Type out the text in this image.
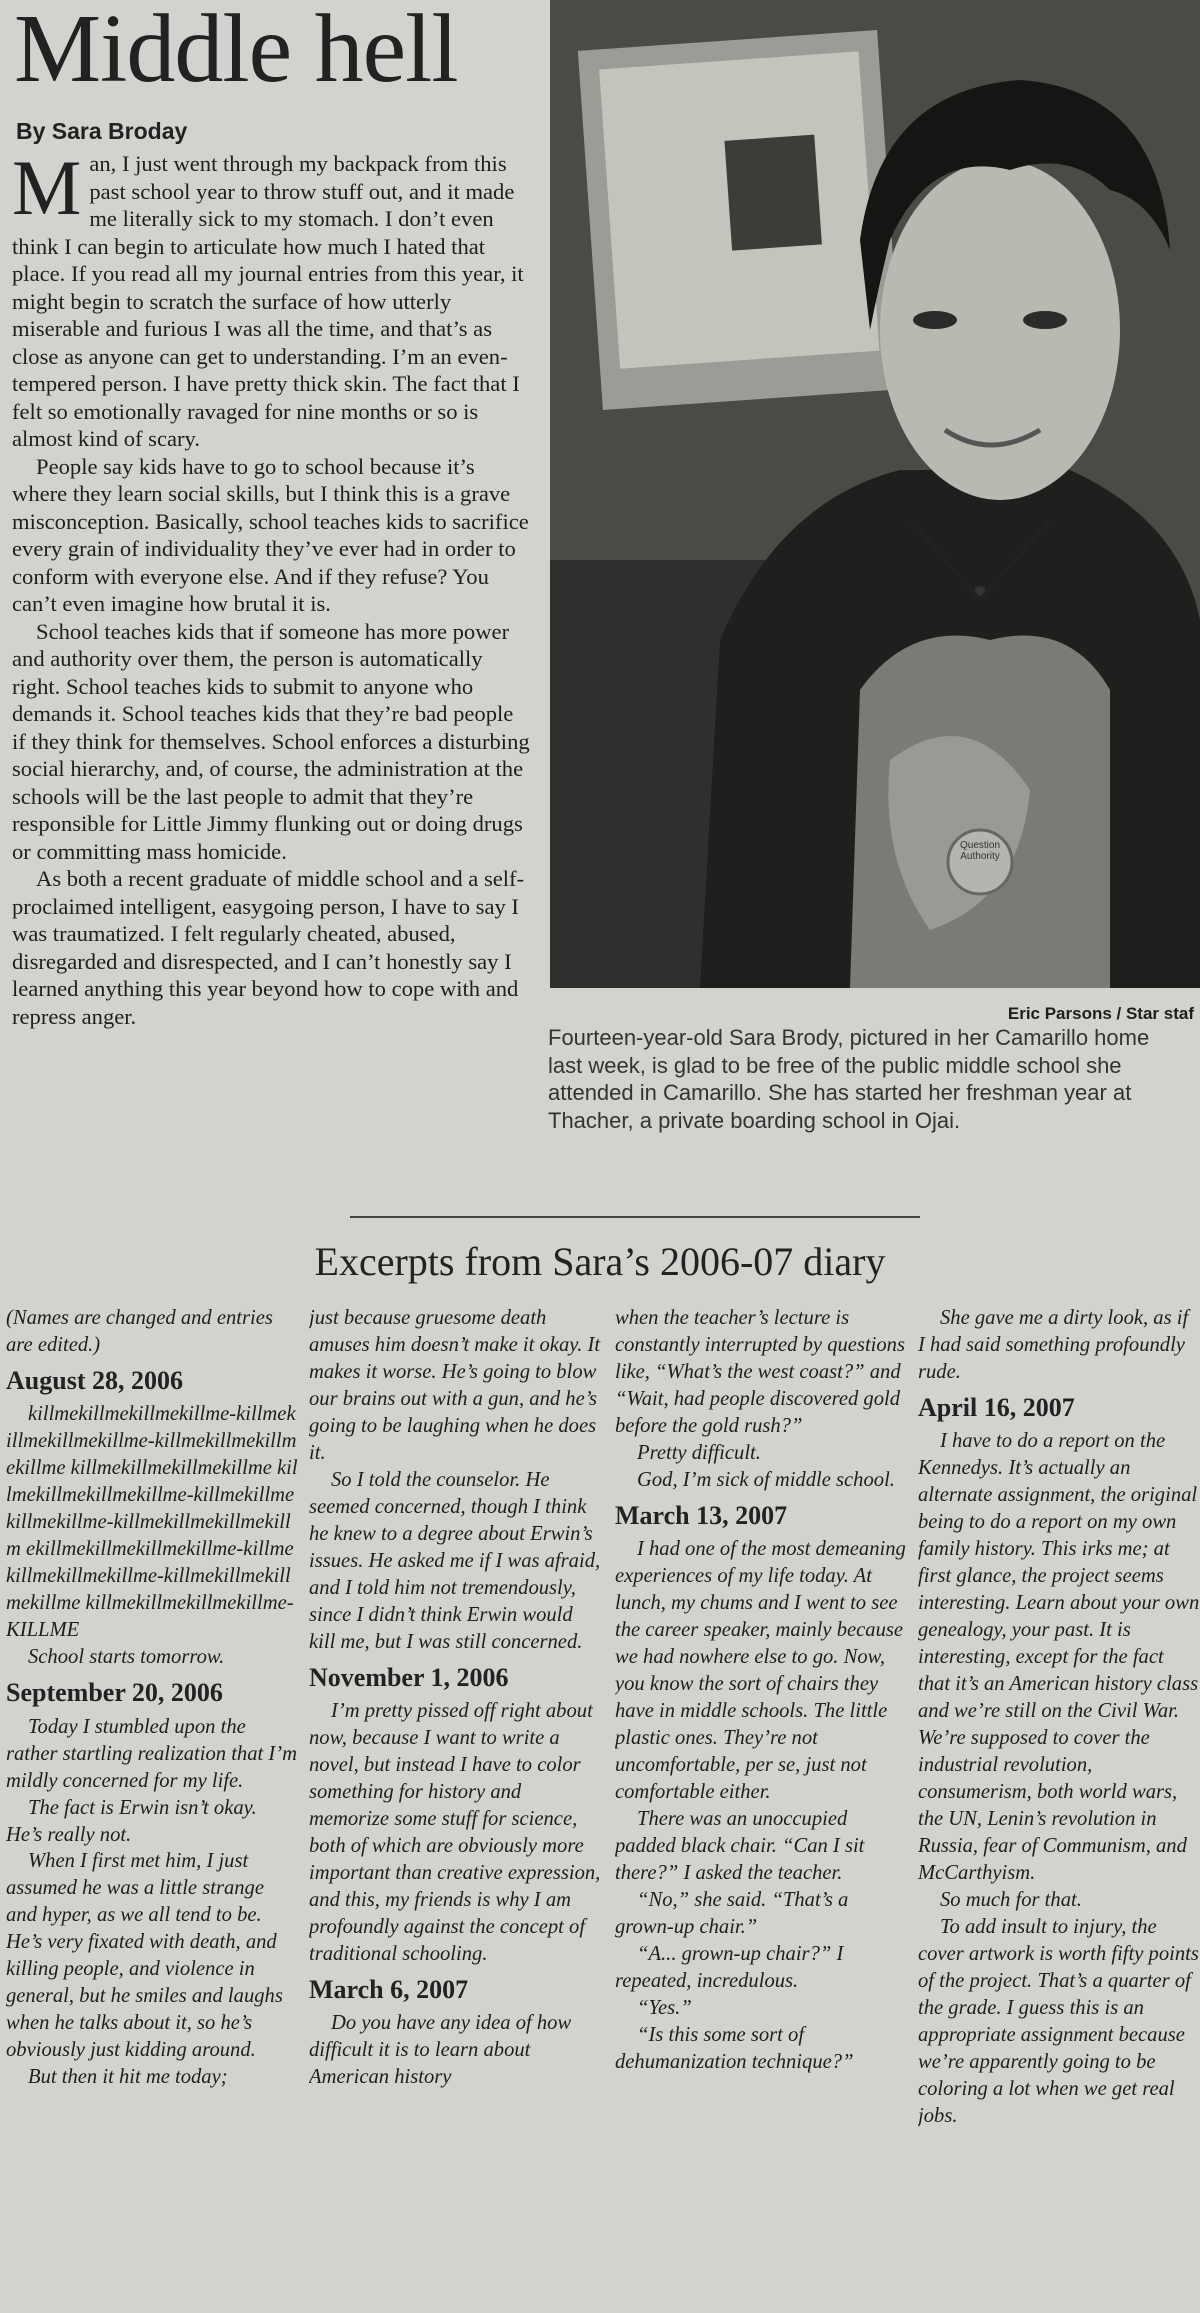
Middle hell
By Sara Broday

Man, I just went through my backpack from this past school year to throw stuff out, and it made me literally sick to my stomach. I don’t even think I can begin to articulate how much I hated that place. If you read all my journal entries from this year, it might begin to scratch the surface of how utterly miserable and furious I was all the time, and that’s as close as anyone can get to understanding. I’m an even-tempered person. I have pretty thick skin. The fact that I felt so emotionally ravaged for nine months or so is almost kind of scary.

People say kids have to go to school because it’s where they learn social skills, but I think this is a grave misconception. Basically, school teaches kids to sacrifice every grain of individuality they’ve ever had in order to conform with everyone else. And if they refuse? You can’t even imagine how brutal it is.

School teaches kids that if someone has more power and authority over them, the person is automatically right. School teaches kids to submit to anyone who demands it. School teaches kids that they’re bad people if they think for themselves. School enforces a disturbing social hierarchy, and, of course, the administration at the schools will be the last people to admit that they’re responsible for Little Jimmy flunking out or doing drugs or committing mass homicide.

As both a recent graduate of middle school and a self-proclaimed intelligent, easygoing person, I have to say I was traumatized. I felt regularly cheated, abused, disregarded and disrespected, and I can’t honestly say I learned anything this year beyond how to cope with and repress anger.

Question Authority
Eric Parsons / Star staf
Fourteen-year-old Sara Brody, pictured in her Camarillo home last week, is glad to be free of the public middle school she attended in Camarillo. She has started her freshman year at Thacher, a private boarding school in Ojai.
Excerpts from Sara’s 2006-07 diary

(Names are changed and entries are edited.)

August 28, 2006

killmekillmekillmekillme-killmekillmekillmekillme-killmekillmekillmekillme killmekillmekillmekillme killmekillmekillmekillme-killmekillmekillmekillme-killmekillmekillmekillm ekillmekillmekillmekillme-killmekillmekillmekillme-killmekillmekillmekillme killmekillmekillmekillme-KILLME

School starts tomorrow.

September 20, 2006

Today I stumbled upon the rather startling realization that I’m mildly concerned for my life.

The fact is Erwin isn’t okay. He’s really not.

When I first met him, I just assumed he was a little strange and hyper, as we all tend to be. He’s very fixated with death, and killing people, and violence in general, but he smiles and laughs when he talks about it, so he’s obviously just kidding around.

But then it hit me today;

just because gruesome death amuses him doesn’t make it okay. It makes it worse. He’s going to blow our brains out with a gun, and he’s going to be laughing when he does it.

So I told the counselor. He seemed concerned, though I think he knew to a degree about Erwin’s issues. He asked me if I was afraid, and I told him not tremendously, since I didn’t think Erwin would kill me, but I was still concerned.

November 1, 2006

I’m pretty pissed off right about now, because I want to write a novel, but instead I have to color something for history and memorize some stuff for science, both of which are obviously more important than creative expression, and this, my friends is why I am profoundly against the concept of traditional schooling.

March 6, 2007

Do you have any idea of how difficult it is to learn about American history

when the teacher’s lecture is constantly interrupted by questions like, “What’s the west coast?” and “Wait, had people discovered gold before the gold rush?”

Pretty difficult.

God, I’m sick of middle school.

March 13, 2007

I had one of the most demeaning experiences of my life today. At lunch, my chums and I went to see the career speaker, mainly because we had nowhere else to go. Now, you know the sort of chairs they have in middle schools. The little plastic ones. They’re not uncomfortable, per se, just not comfortable either.

There was an unoccupied padded black chair. “Can I sit there?” I asked the teacher.

“No,” she said. “That’s a grown-up chair.”

“A... grown-up chair?” I repeated, incredulous.

“Yes.”

“Is this some sort of dehumanization technique?”

She gave me a dirty look, as if I had said something profoundly rude.

April 16, 2007

I have to do a report on the Kennedys. It’s actually an alternate assignment, the original being to do a report on my own family history. This irks me; at first glance, the project seems interesting. Learn about your own genealogy, your past. It is interesting, except for the fact that it’s an American history class and we’re still on the Civil War. We’re supposed to cover the industrial revolution, consumerism, both world wars, the UN, Lenin’s revolution in Russia, fear of Communism, and McCarthyism.

So much for that.

To add insult to injury, the cover artwork is worth fifty points of the project. That’s a quarter of the grade. I guess this is an appropriate assignment because we’re apparently going to be coloring a lot when we get real jobs.
